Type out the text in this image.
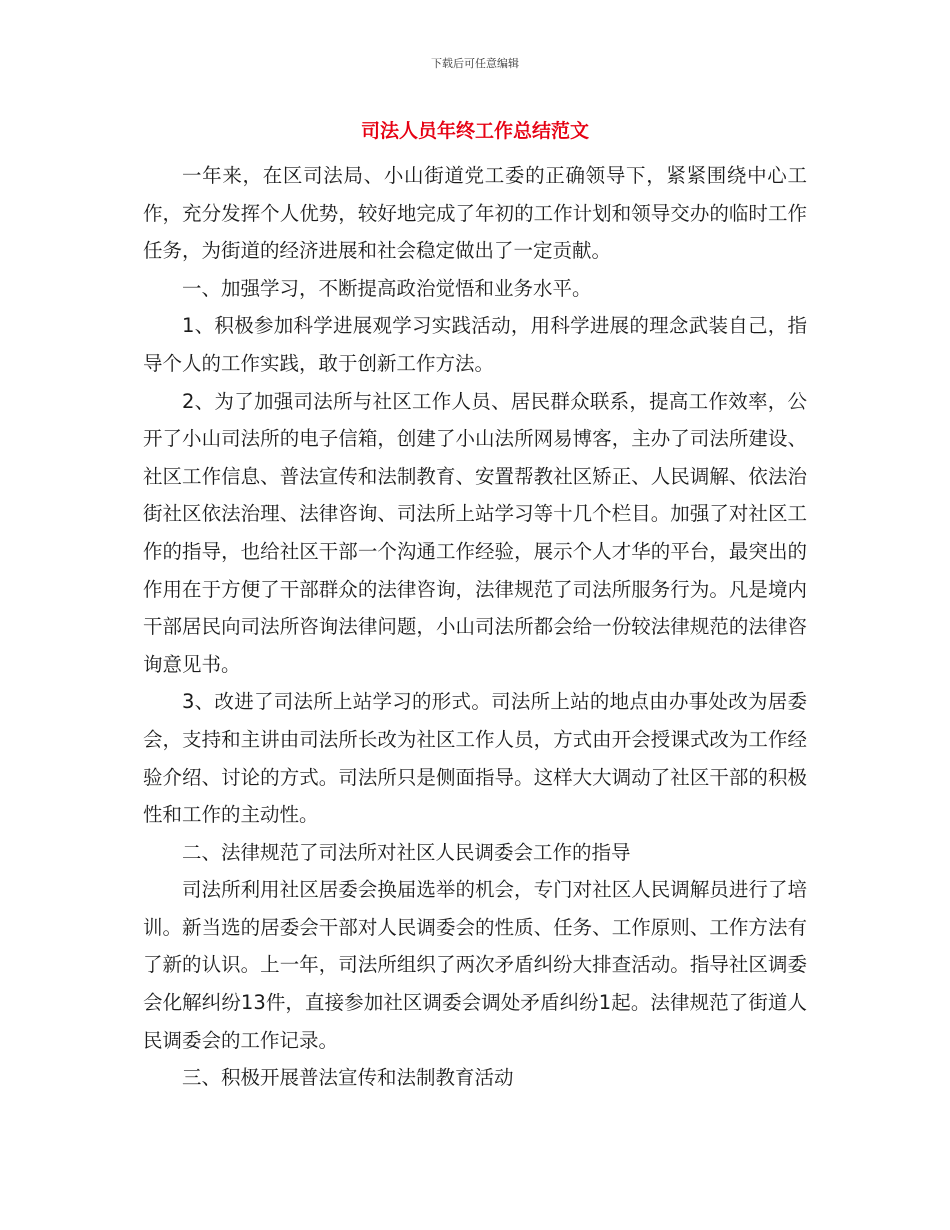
下载后可任意编辑
司法人员年终工作总结范文

一年来，在区司法局、小山街道党工委的正确领导下，紧紧围绕中心工作，充分发挥个人优势，较好地完成了年初的工作计划和领导交办的临时工作任务，为街道的经济进展和社会稳定做出了一定贡献。

一、加强学习，不断提高政治觉悟和业务水平。

1、积极参加科学进展观学习实践活动，用科学进展的理念武装自己，指导个人的工作实践，敢于创新工作方法。

2、为了加强司法所与社区工作人员、居民群众联系，提高工作效率，公开了小山司法所的电子信箱，创建了小山法所网易博客，主办了司法所建设、社区工作信息、普法宣传和法制教育、安置帮教社区矫正、人民调解、依法治街社区依法治理、法律咨询、司法所上站学习等十几个栏目。加强了对社区工作的指导，也给社区干部一个沟通工作经验，展示个人才华的平台，最突出的作用在于方便了干部群众的法律咨询，法律规范了司法所服务行为。凡是境内干部居民向司法所咨询法律问题，小山司法所都会给一份较法律规范的法律咨询意见书。

3、改进了司法所上站学习的形式。司法所上站的地点由办事处改为居委会，支持和主讲由司法所长改为社区工作人员，方式由开会授课式改为工作经验介绍、讨论的方式。司法所只是侧面指导。这样大大调动了社区干部的积极性和工作的主动性。

二、法律规范了司法所对社区人民调委会工作的指导

司法所利用社区居委会换届选举的机会，专门对社区人民调解员进行了培训。新当选的居委会干部对人民调委会的性质、任务、工作原则、工作方法有了新的认识。上一年，司法所组织了两次矛盾纠纷大排查活动。指导社区调委会化解纠纷13件，直接参加社区调委会调处矛盾纠纷1起。法律规范了街道人民调委会的工作记录。

三、积极开展普法宣传和法制教育活动
